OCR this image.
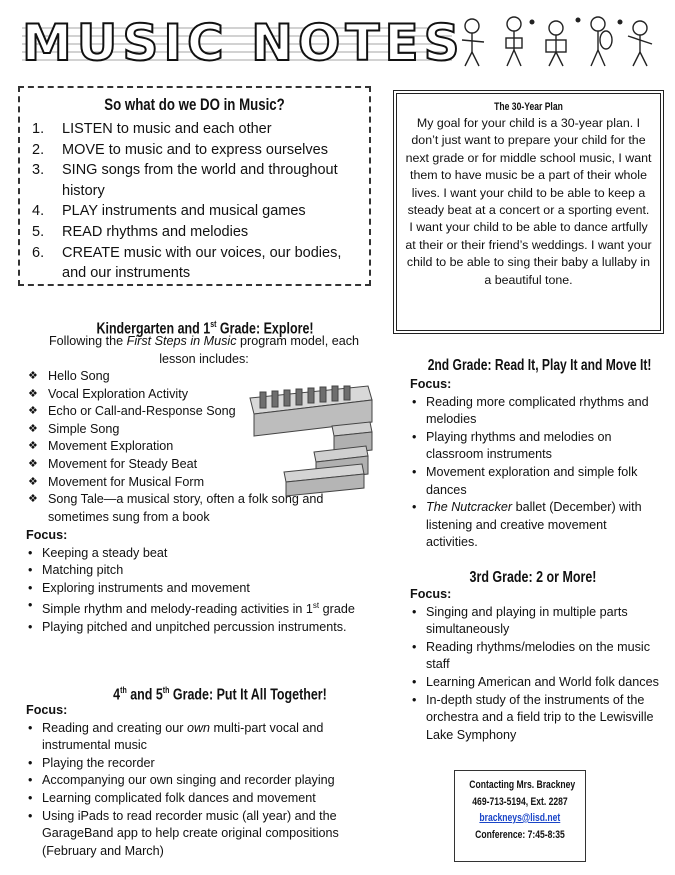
MUSIC NOTES
So what do we DO in Music?
1. LISTEN to music and each other
2. MOVE to music and to express ourselves
3. SING songs from the world and throughout history
4. PLAY instruments and musical games
5. READ rhythms and melodies
6. CREATE music with our voices, our bodies, and our instruments
The 30-Year Plan
My goal for your child is a 30-year plan. I don’t just want to prepare your child for the next grade or for middle school music, I want them to have music be a part of their whole lives. I want your child to be able to keep a steady beat at a concert or a sporting event. I want your child to be able to dance artfully at their or their friend’s weddings. I want your child to be able to sing their baby a lullaby in a beautiful tone.
Kindergarten and 1st Grade: Explore!
Following the First Steps in Music program model, each lesson includes:
❖ Hello Song
❖ Vocal Exploration Activity
❖ Echo or Call-and-Response Song
❖ Simple Song
❖ Movement Exploration
❖ Movement for Steady Beat
❖ Movement for Musical Form
❖ Song Tale—a musical story, often a folk song and sometimes sung from a book
Focus:
• Keeping a steady beat
• Matching pitch
• Exploring instruments and movement
• Simple rhythm and melody-reading activities in 1st grade
• Playing pitched and unpitched percussion instruments.
4th and 5th Grade: Put It All Together!
Focus:
• Reading and creating our own multi-part vocal and instrumental music
• Playing the recorder
• Accompanying our own singing and recorder playing
• Learning complicated folk dances and movement
• Using iPads to read recorder music (all year) and the GarageBand app to help create original compositions (February and March)
2nd Grade: Read It, Play It and Move It!
Focus:
• Reading more complicated rhythms and melodies
• Playing rhythms and melodies on classroom instruments
• Movement exploration and simple folk dances
• The Nutcracker ballet (December) with listening and creative movement activities.
3rd Grade: 2 or More!
Focus:
• Singing and playing in multiple parts simultaneously
• Reading rhythms/melodies on the music staff
• Learning American and World folk dances
• In-depth study of the instruments of the orchestra and a field trip to the Lewisville Lake Symphony
Contacting Mrs. Brackney
469-713-5194, Ext. 2287
brackneys@lisd.net
Conference: 7:45-8:35
